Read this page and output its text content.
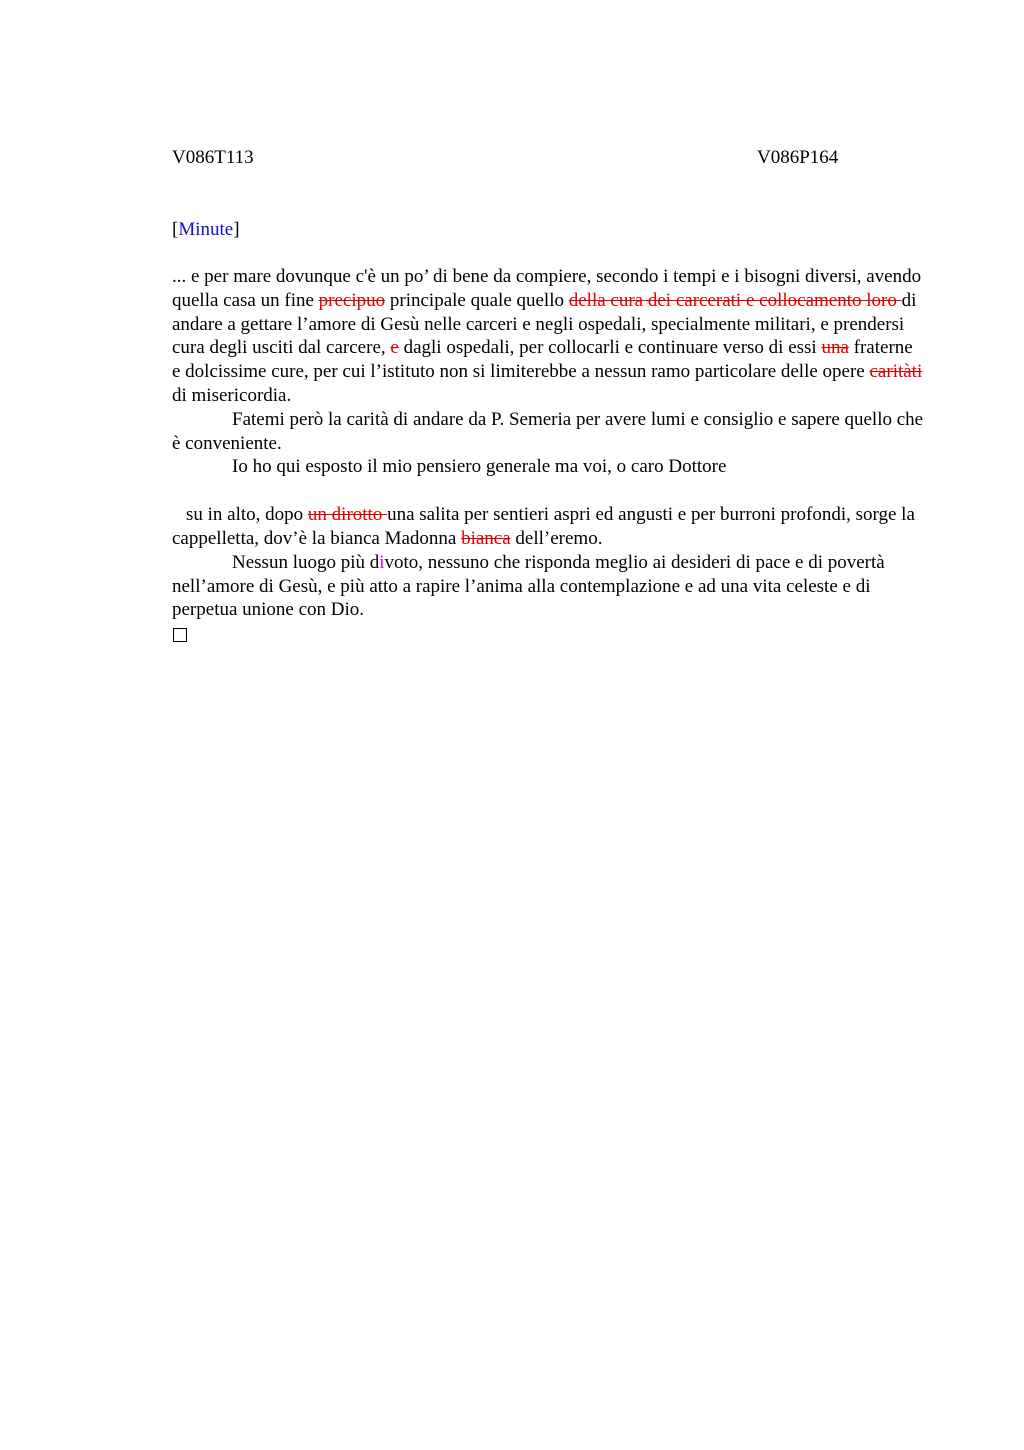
V086T113	V086P164
[Minute]

... e per mare dovunque c'è un po’ di bene da compiere, secondo i tempi e i bisogni diversi, avendo quella casa un fine precipuo principale quale quello della cura dei carcerati e collocamento loro di andare a gettare l’amore di Gesù nelle carceri e negli ospedali, specialmente militari, e prendersi cura degli usciti dal carcere, e dagli ospedali, per collocarli e continuare verso di essi una fraterne e dolcissime cure, per cui l’istituto non si limiterebbe a nessun ramo particolare delle opere caritàti di misericordia.

Fatemi però la carità di andare da P. Semeria per avere lumi e consiglio e sapere quello che è conveniente.

Io ho qui esposto il mio pensiero generale ma voi, o caro Dottore

su in alto, dopo un dirotto una salita per sentieri aspri ed angusti e per burroni profondi, sorge la cappelletta, dov’è la bianca Madonna bianca dell’eremo.

Nessun luogo più divoto, nessuno che risponda meglio ai desideri di pace e di povertà nell’amore di Gesù, e più atto a rapire l’anima alla contemplazione e ad una vita celeste e di perpetua unione con Dio.
